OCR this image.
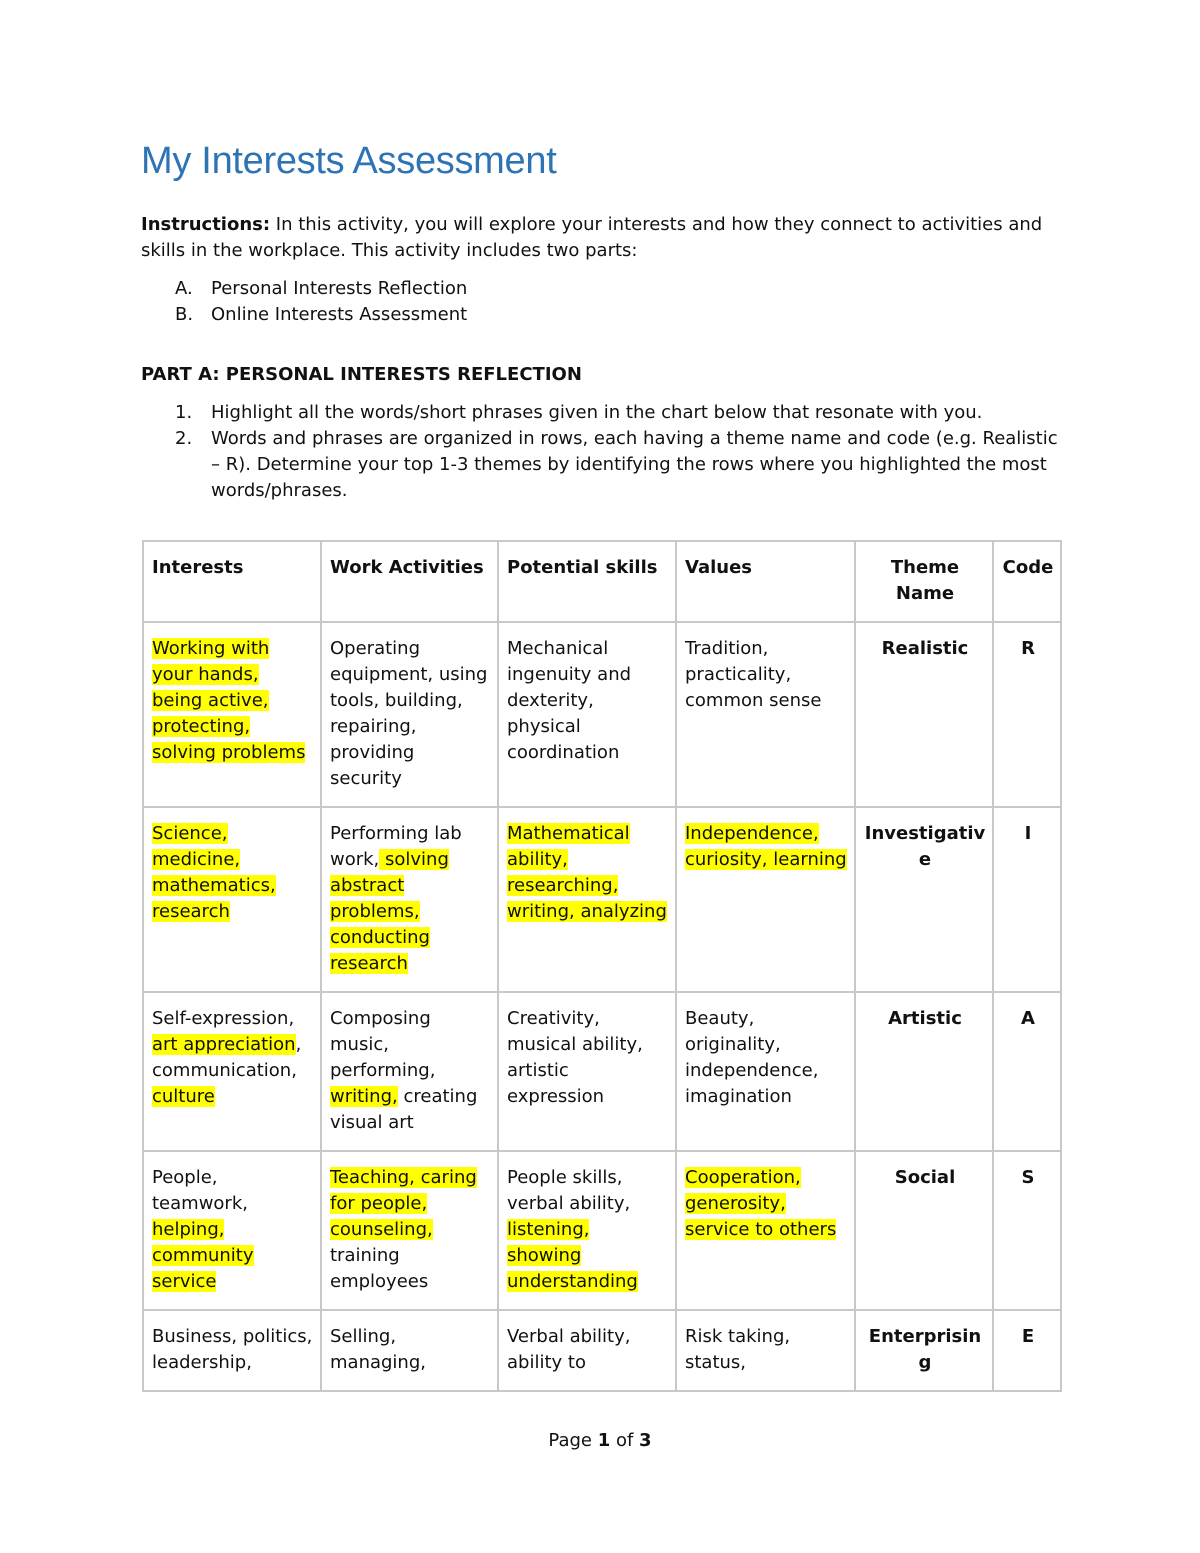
My Interests Assessment
Instructions: In this activity, you will explore your interests and how they connect to activities and skills in the workplace. This activity includes two parts:
A. Personal Interests Reflection
B. Online Interests Assessment
PART A: PERSONAL INTERESTS REFLECTION
1. Highlight all the words/short phrases given in the chart below that resonate with you.
2. Words and phrases are organized in rows, each having a theme name and code (e.g. Realistic – R). Determine your top 1-3 themes by identifying the rows where you highlighted the most words/phrases.
Interests	Work Activities	Potential skills	Values	Theme Name	Code
Working with your hands, being active, protecting, solving problems	Operating equipment, using tools, building, repairing, providing security	Mechanical ingenuity and dexterity, physical coordination	Tradition, practicality, common sense	Realistic	R
Science, medicine, mathematics, research	Performing lab work, solving abstract problems, conducting research	Mathematical ability, researching, writing, analyzing	Independence, curiosity, learning	Investigative	I
Self-expression, art appreciation, communication, culture	Composing music, performing, writing, creating visual art	Creativity, musical ability, artistic expression	Beauty, originality, independence, imagination	Artistic	A
People, teamwork, helping, community service	Teaching, caring for people, counseling, training employees	People skills, verbal ability, listening, showing understanding	Cooperation, generosity, service to others	Social	S
Business, politics, leadership,	Selling, managing,	Verbal ability, ability to	Risk taking, status,	Enterprising	E
Page 1 of 3
